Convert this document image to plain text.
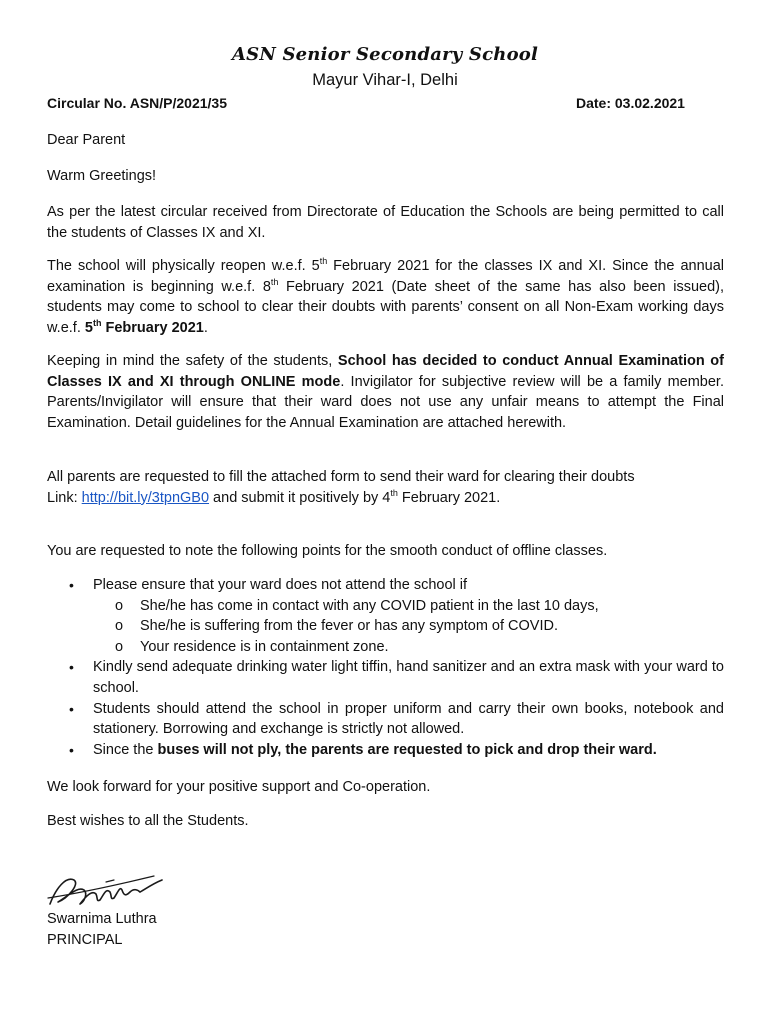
ASN Senior Secondary School
Mayur Vihar-I, Delhi
Circular No. ASN/P/2021/35	Date: 03.02.2021
Dear Parent
Warm Greetings!
As per the latest circular received from Directorate of Education the Schools are being permitted to call the students of Classes IX and XI.
The school will physically reopen w.e.f. 5th February 2021 for the classes IX and XI. Since the annual examination is beginning w.e.f. 8th February 2021 (Date sheet of the same has also been issued), students may come to school to clear their doubts with parents’ consent on all Non-Exam working days w.e.f. 5th February 2021.
Keeping in mind the safety of the students, School has decided to conduct Annual Examination of Classes IX and XI through ONLINE mode. Invigilator for subjective review will be a family member. Parents/Invigilator will ensure that their ward does not use any unfair means to attempt the Final Examination. Detail guidelines for the Annual Examination are attached herewith.
All parents are requested to fill the attached form to send their ward for clearing their doubts
Link: http://bit.ly/3tpnGB0 and submit it positively by 4th February 2021.
You are requested to note the following points for the smooth conduct of offline classes.
• Please ensure that your ward does not attend the school if
o She/he has come in contact with any COVID patient in the last 10 days,
o She/he is suffering from the fever or has any symptom of COVID.
o Your residence is in containment zone.
• Kindly send adequate drinking water light tiffin, hand sanitizer and an extra mask with your ward to school.
• Students should attend the school in proper uniform and carry their own books, notebook and stationery. Borrowing and exchange is strictly not allowed.
• Since the buses will not ply, the parents are requested to pick and drop their ward.
We look forward for your positive support and Co-operation.
Best wishes to all the Students.
Swarnima Luthra
PRINCIPAL
